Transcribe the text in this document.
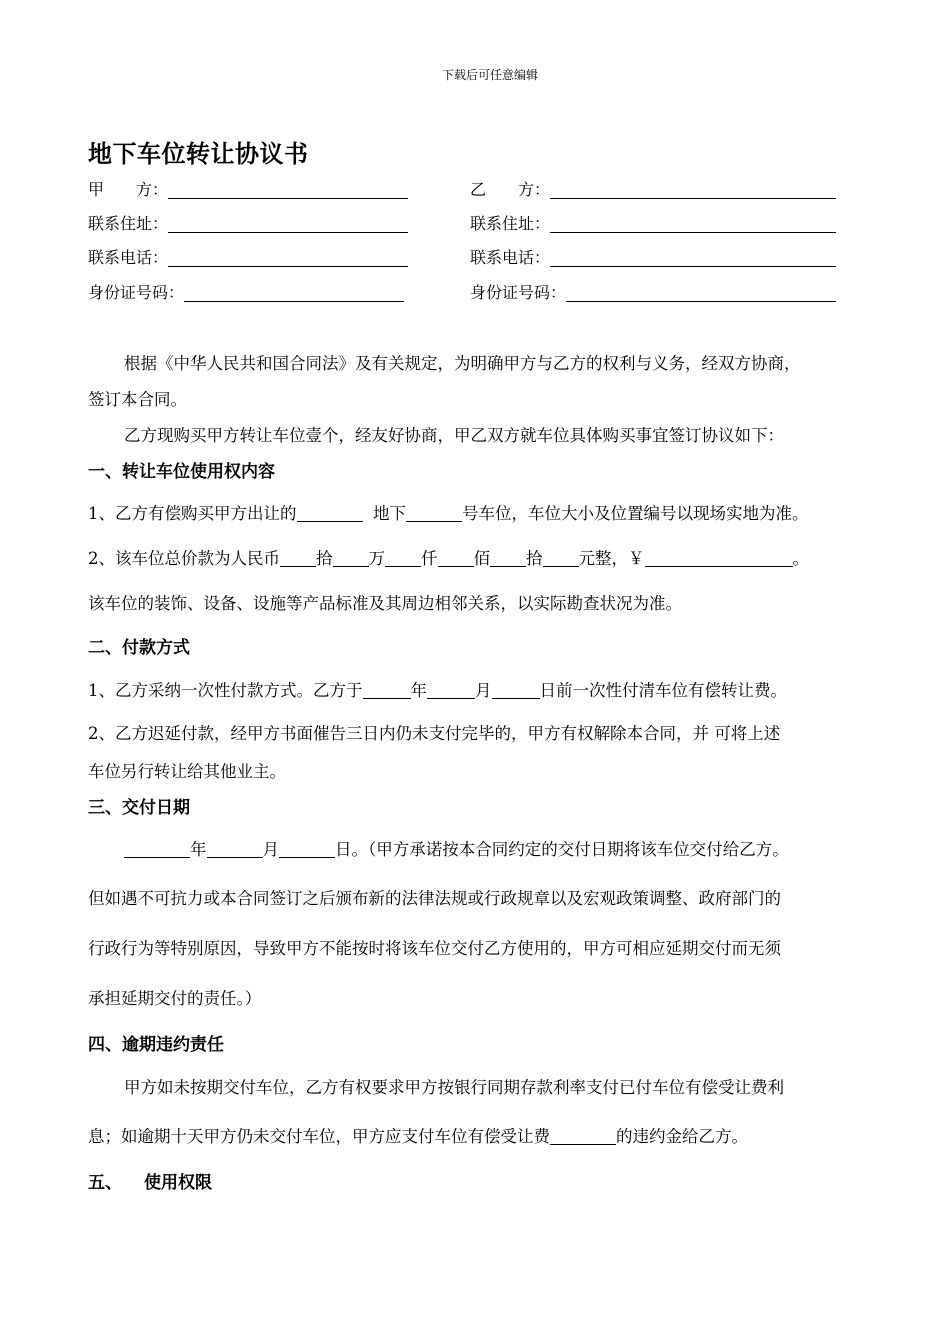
下载后可任意编辑
地下车位转让协议书
甲　　方：
联系住址：
联系电话：
身份证号码：
乙　　方：
联系住址：
联系电话：
身份证号码：
根据《中华人民共和国合同法》及有关规定，为明确甲方与乙方的权利与义务，经双方协商，
签订本合同。
乙方现购买甲方转让车位壹个，经友好协商，甲乙双方就车位具体购买事宜签订协议如下：
一、转让车位使用权内容
1、乙方有偿购买甲方出让的	地下	号车位，车位大小及位置编号以现场实地为准。
2、该车位总价款为人民币 拾 万 仟 佰 拾 元整，￥	。
该车位的装饰、设备、设施等产品标准及其周边相邻关系，以实际勘查状况为准。
二、付款方式
1、乙方采纳一次性付款方式。乙方于	年	月	日前一次性付清车位有偿转让费。
2、乙方迟延付款，经甲方书面催告三日内仍未支付完毕的，甲方有权解除本合同，并 可将上述
车位另行转让给其他业主。
三、交付日期
年	月	日。（甲方承诺按本合同约定的交付日期将该车位交付给乙方。
但如遇不可抗力或本合同签订之后颁布新的法律法规或行政规章以及宏观政策调整、政府部门的
行政行为等特别原因，导致甲方不能按时将该车位交付乙方使用的，甲方可相应延期交付而无须
承担延期交付的责任。）
四、逾期违约责任
甲方如未按期交付车位，乙方有权要求甲方按银行同期存款利率支付已付车位有偿受让费利
息；如逾期十天甲方仍未交付车位，甲方应支付车位有偿受让费	的违约金给乙方。
五、 使用权限
